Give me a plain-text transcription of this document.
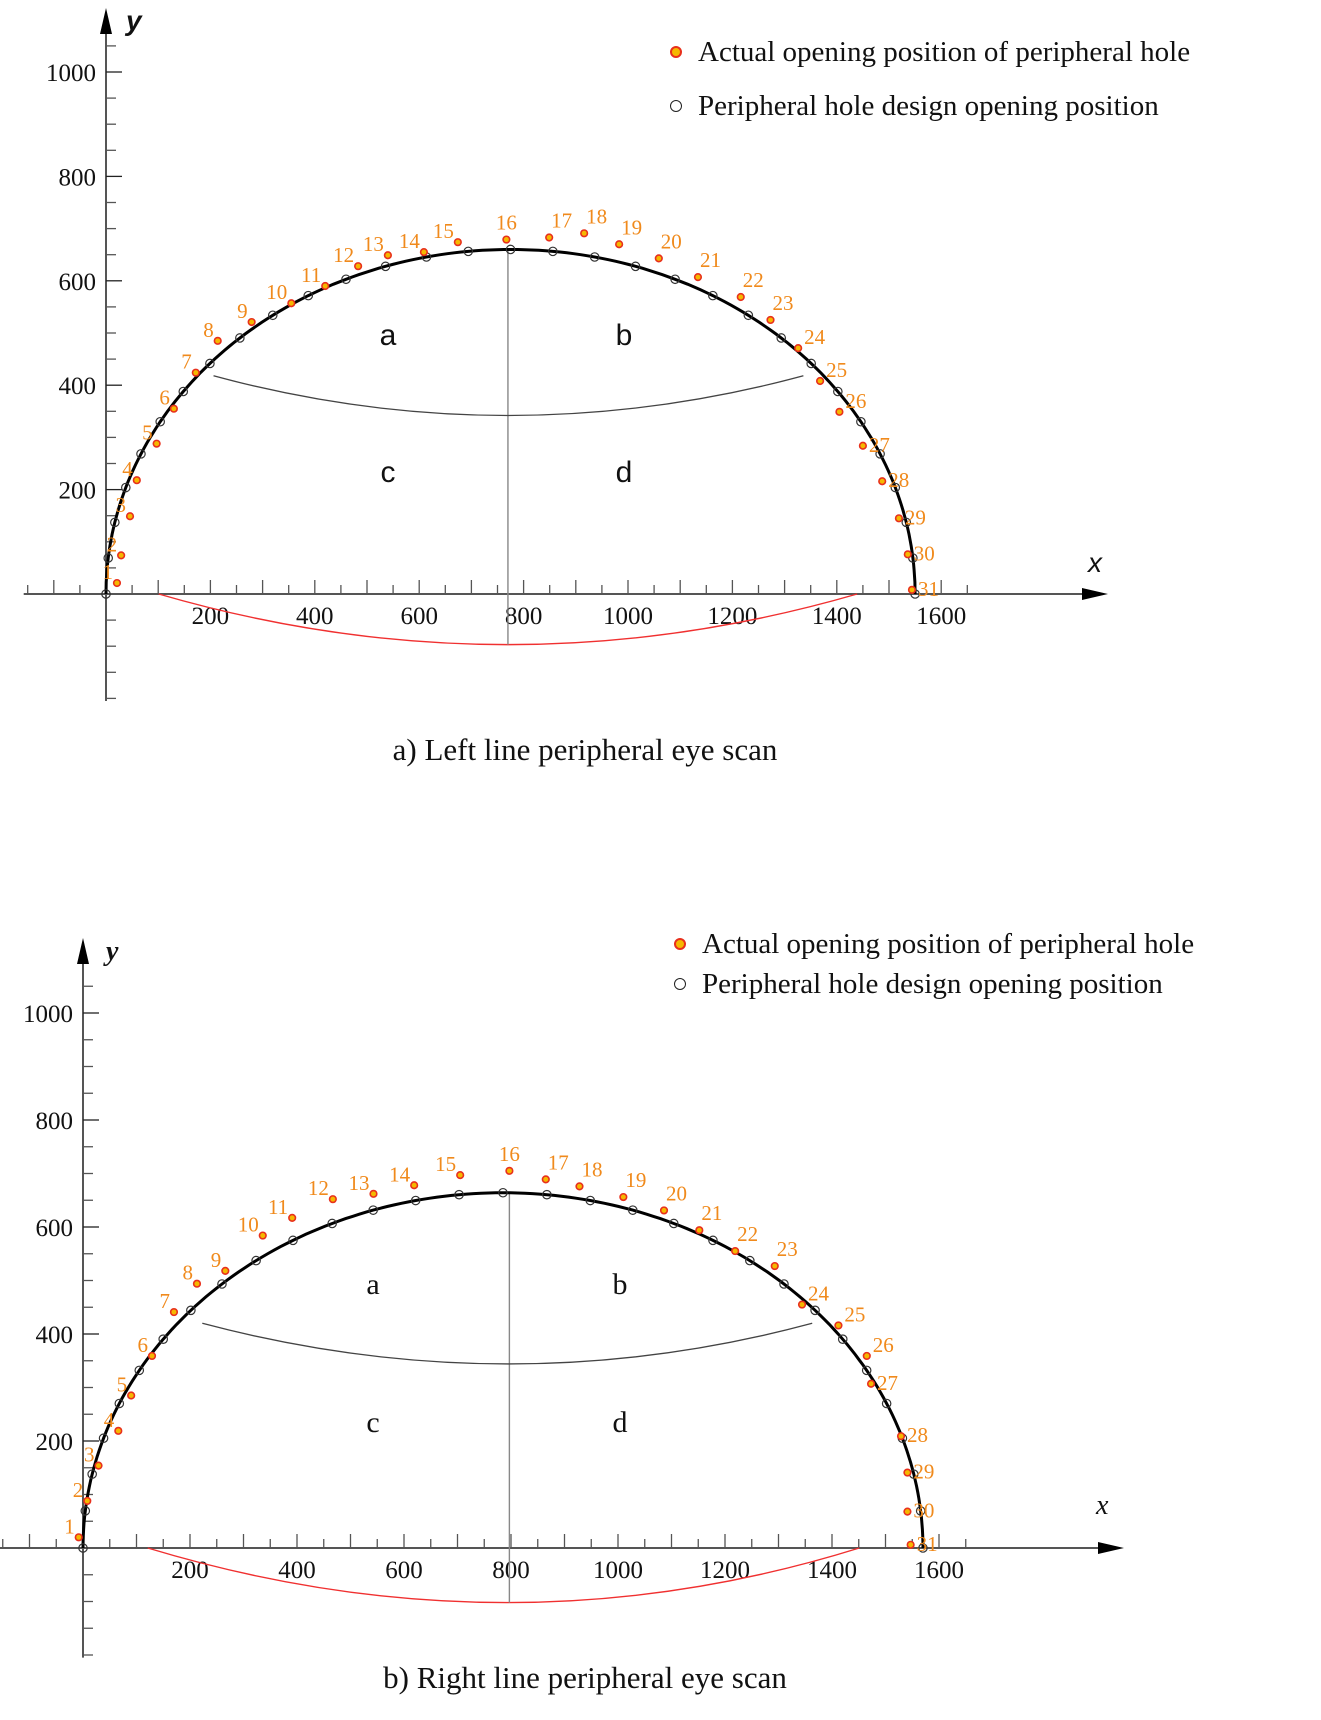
200	400	600	800 1000 1200 1400 1600
200
400
600
800
1000
y
x
a	b
c	d
1
2
3
4
5
6
7
8
9
10
11
12 13 14 15 16 17 18 19
20
21
22
23
24
25
26
27
28
29
30
31
Actual opening position of peripheral hole
Peripheral hole design opening position
a) Left line peripheral eye scan
200	400	600	800	1000 1200 1400 1600
200
400
600
800
1000
y
x
a	b
c	d
1
2
3
4
5
6
7
8
9
10
11
12 13 14 15 16 17 18 19
20
21
22
23
24
25
26
27
28
29
30
31
Actual opening position of peripheral hole
Peripheral hole design opening position
b) Right line peripheral eye scan
